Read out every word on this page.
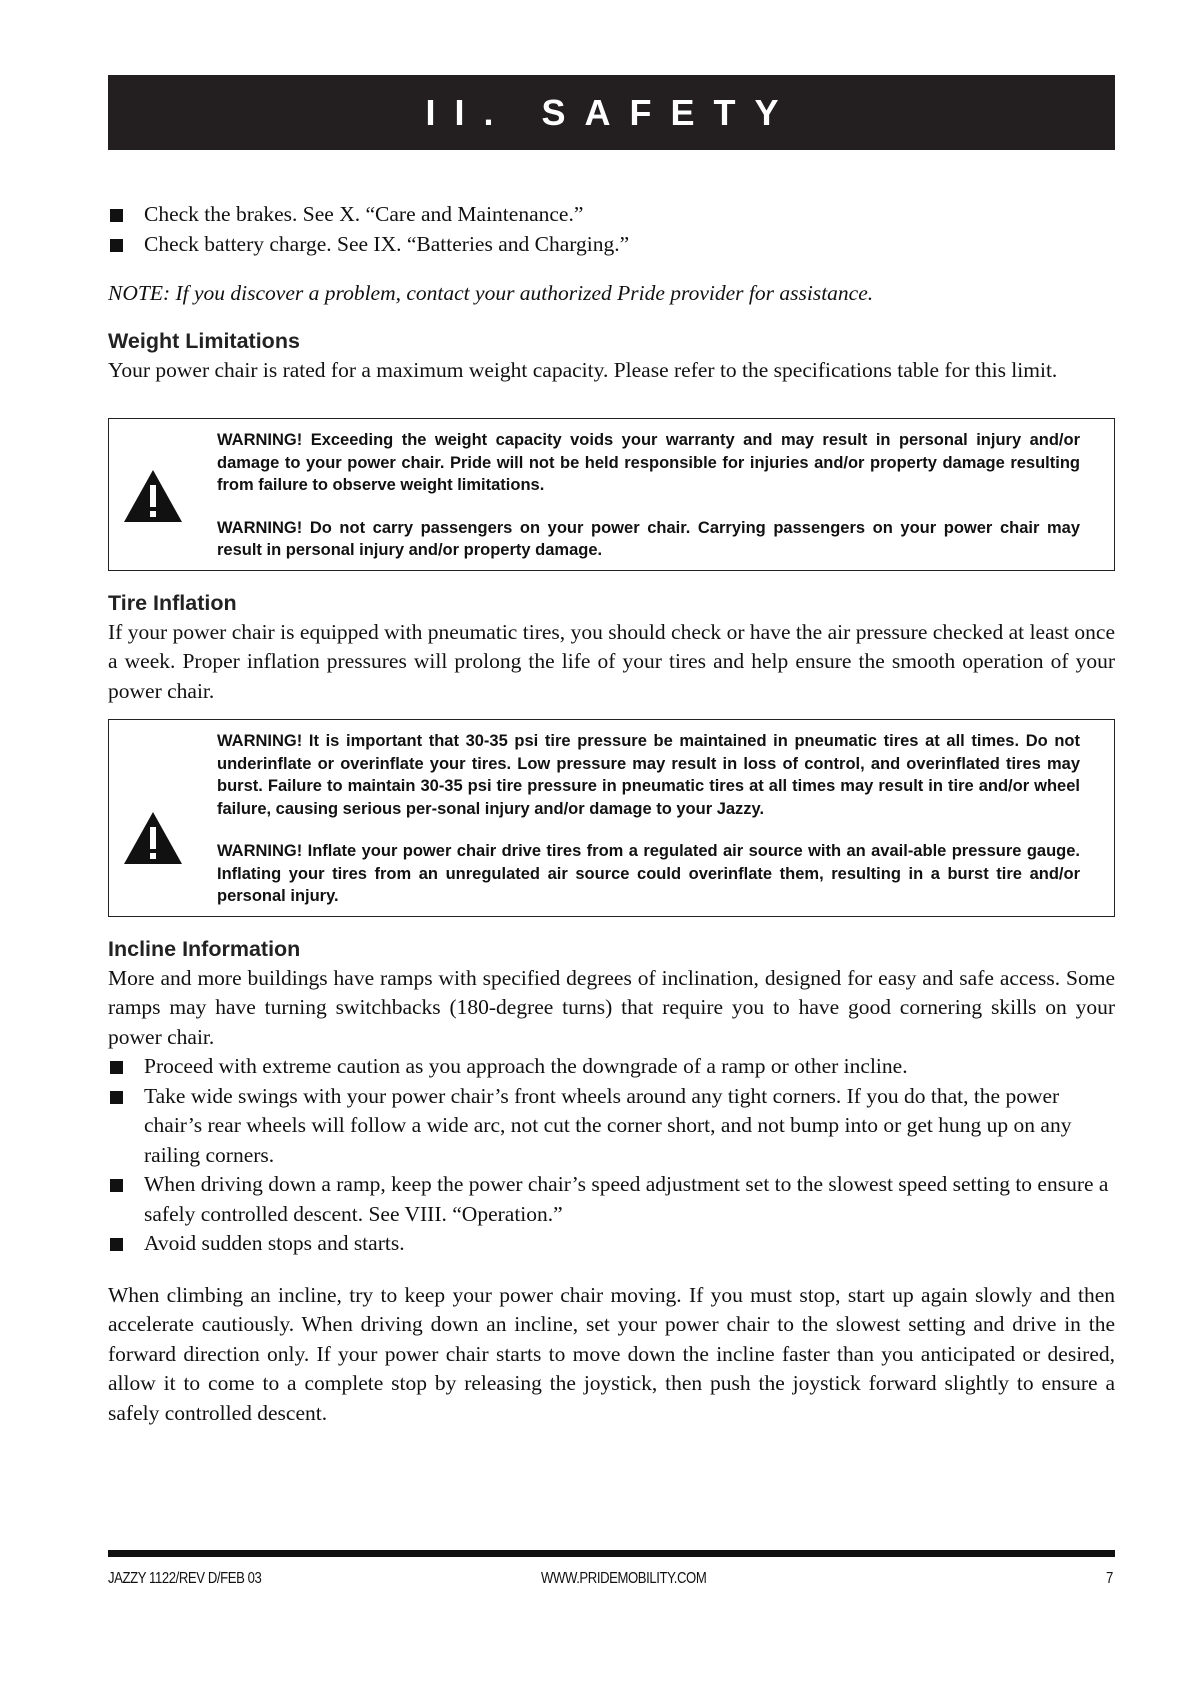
II. SAFETY
Check the brakes. See X. “Care and Maintenance.”
Check battery charge. See IX. “Batteries and Charging.”

NOTE: If you discover a problem, contact your authorized Pride provider for assistance.

Weight Limitations

Your power chair is rated for a maximum weight capacity. Please refer to the specifications table for this limit.

WARNING! Exceeding the weight capacity voids your warranty and may result in personal injury and/or damage to your power chair. Pride will not be held responsible for injuries and/or property damage resulting from failure to observe weight limitations.
WARNING! Do not carry passengers on your power chair. Carrying passengers on your power chair may result in personal injury and/or property damage.
Tire Inflation

If your power chair is equipped with pneumatic tires, you should check or have the air pressure checked at least once a week. Proper inflation pressures will prolong the life of your tires and help ensure the smooth operation of your power chair.

WARNING! It is important that 30-35 psi tire pressure be maintained in pneumatic tires at all times. Do not underinflate or overinflate your tires. Low pressure may result in loss of control, and overinflated tires may burst. Failure to maintain 30-35 psi tire pressure in pneumatic tires at all times may result in tire and/or wheel failure, causing serious per-sonal injury and/or damage to your Jazzy.
WARNING! Inflate your power chair drive tires from a regulated air source with an avail-able pressure gauge. Inflating your tires from an unregulated air source could overinflate them, resulting in a burst tire and/or personal injury.
Incline Information

More and more buildings have ramps with specified degrees of inclination, designed for easy and safe access. Some ramps may have turning switchbacks (180-degree turns) that require you to have good cornering skills on your power chair.

Proceed with extreme caution as you approach the downgrade of a ramp or other incline.
Take wide swings with your power chair’s front wheels around any tight corners. If you do that, the power chair’s rear wheels will follow a wide arc, not cut the corner short, and not bump into or get hung up on any railing corners.
When driving down a ramp, keep the power chair’s speed adjustment set to the slowest speed setting to ensure a safely controlled descent. See VIII. “Operation.”
Avoid sudden stops and starts.

When climbing an incline, try to keep your power chair moving. If you must stop, start up again slowly and then accelerate cautiously. When driving down an incline, set your power chair to the slowest setting and drive in the forward direction only. If your power chair starts to move down the incline faster than you anticipated or desired, allow it to come to a complete stop by releasing the joystick, then push the joystick forward slightly to ensure a safely controlled descent.

JAZZY 1122/REV D/FEB 03	WWW.PRIDEMOBILITY.COM	7
